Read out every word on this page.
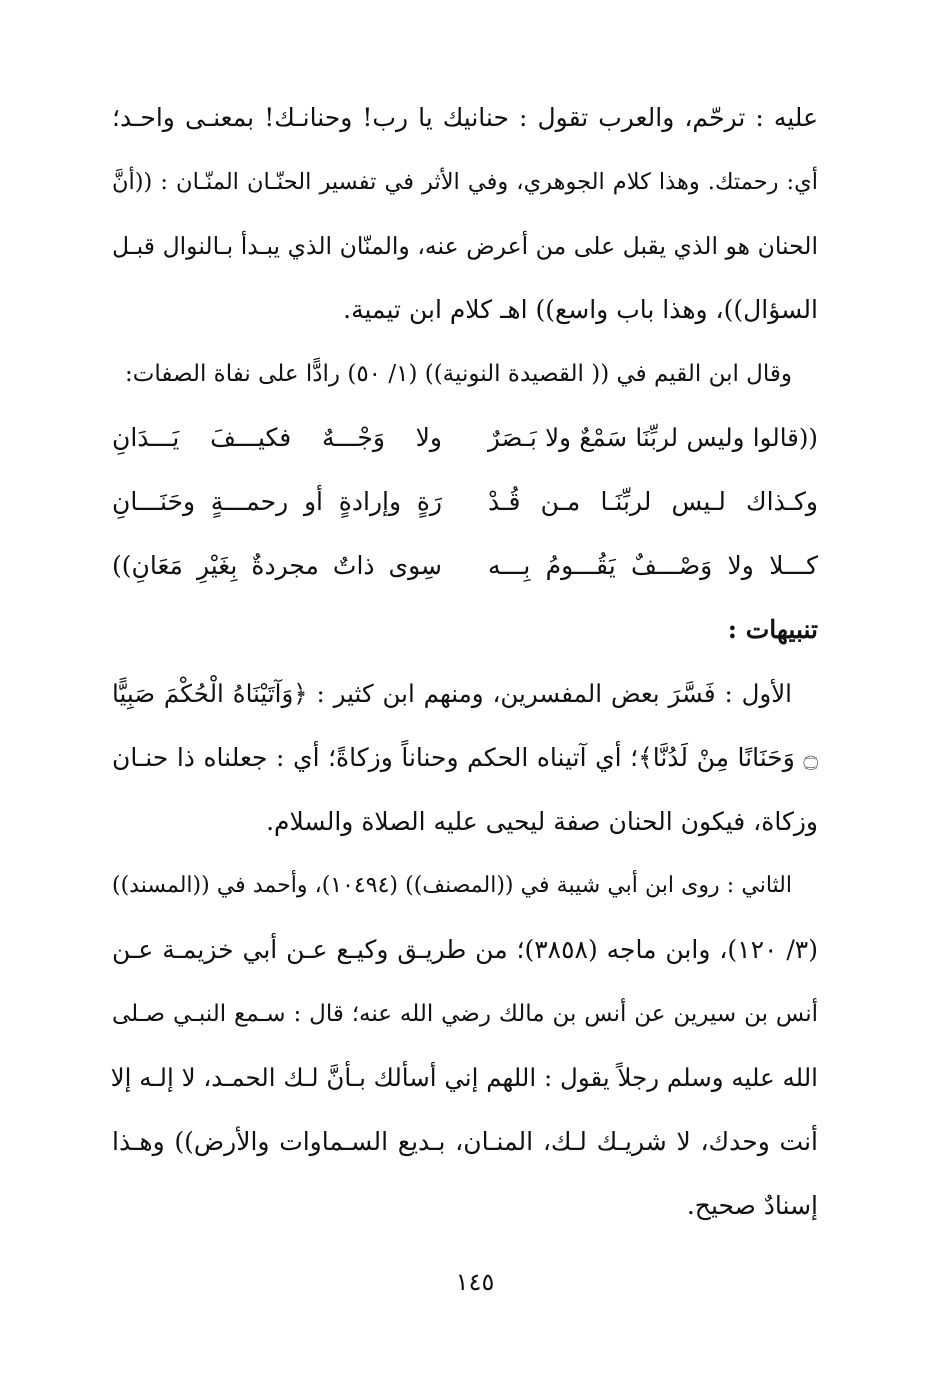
عليه : ترحّم، والعرب تقول : حنانيك يا رب! وحنانـك! بمعنـى واحـد؛
أي: رحمتك. وهذا كلام الجوهري، وفي الأثر في تفسير الحنّـان المنّـان : ((أنَّ
الحنان هو الذي يقبل على من أعرض عنه، والمنّان الذي يبـدأ بـالنوال قبـل
السؤال))، وهذا باب واسع)) اهـ كلام ابن تيمية.
وقال ابن القيم في (( القصيدة النونية)) (١/ ٥٠) رادًّا على نفاة الصفات:
((قالوا وليس لربِّنَا سَمْعٌ ولا بَـصَرٌ
ولا وَجْـــهٌ فكيـــفَ يَـــدَانِ
وكـذاك لـيس لربِّنَـا مـن قُـدْ
رَةٍ وإرادةٍ أو رحمـــةٍ وحَنَـــانِ
كـــلا ولا وَصْـــفٌ يَقُـــومُ بِـــه
سِوى ذاتٌ مجردةٌ بِغَيْرِ مَعَانِ))
تنبيهات :
الأول : فَسَّرَ بعض المفسرين، ومنهم ابن كثير : ﴿وَآتَيْنَاهُ الْحُكْمَ صَبِيًّا
۝ وَحَنَانًا مِنْ لَدُنَّا﴾؛ أي آتيناه الحكم وحناناً وزكاةً؛ أي : جعلناه ذا حنـان
وزكاة، فيكون الحنان صفة ليحيى عليه الصلاة والسلام.
الثاني : روى ابن أبي شيبة في ((المصنف)) (١٠٤٩٤)، وأحمد في ((المسند))
(٣/ ١٢٠)، وابن ماجه (٣٨٥٨)؛ من طريـق وكيـع عـن أبي خزيمـة عـن
أنس بن سيرين عن أنس بن مالك رضي الله عنه؛ قال : سـمع النبـي صـلى
الله عليه وسلم رجلاً يقول : اللهم إني أسألك بـأنَّ لـك الحمـد، لا إلـه إلا
أنت وحدك، لا شريـك لـك، المنـان، بـديع السـماوات والأرض)) وهـذا
إسنادٌ صحيح.
١٤٥
